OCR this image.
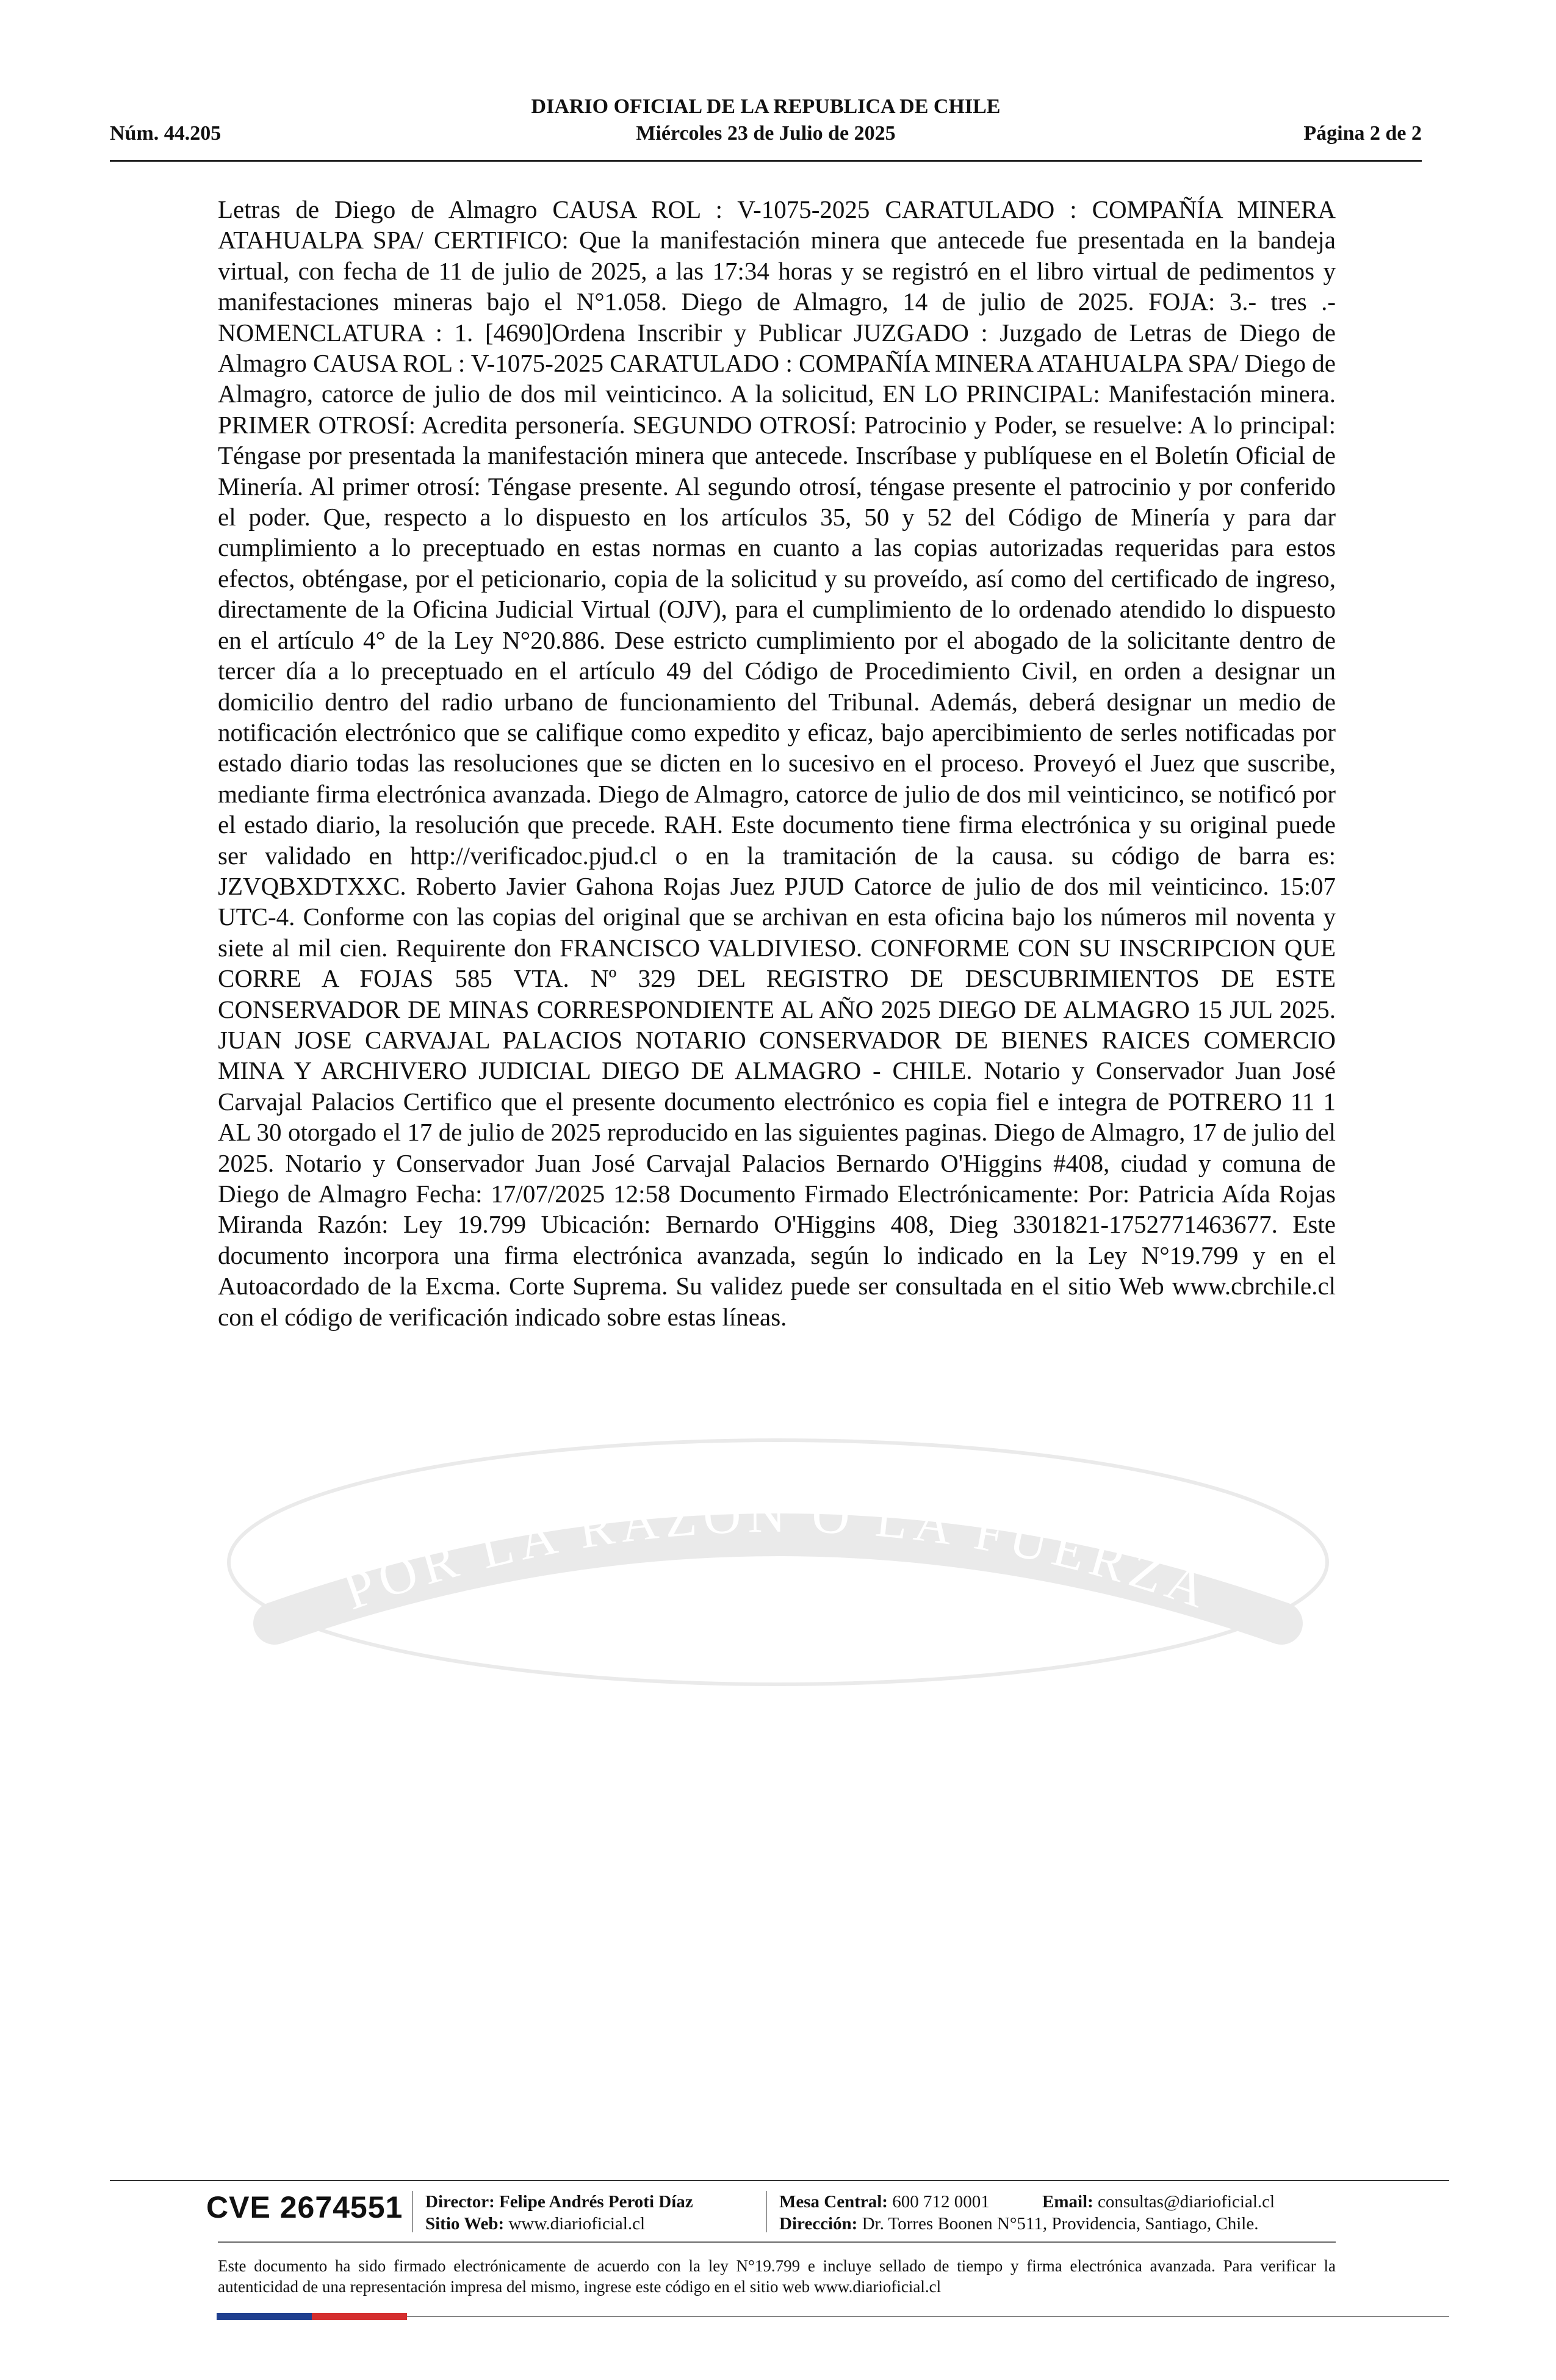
DIARIO OFICIAL DE LA REPUBLICA DE CHILE
Núm. 44.205	Miércoles 23 de Julio de 2025	Página 2 de 2
POR LA RAZON O LA FUERZA

Letras de Diego de Almagro CAUSA ROL : V-1075-2025 CARATULADO : COMPAÑÍA MINERA ATAHUALPA SPA/ CERTIFICO: Que la manifestación minera que antecede fue presentada en la bandeja virtual, con fecha de 11 de julio de 2025, a las 17:34 horas y se registró en el libro virtual de pedimentos y manifestaciones mineras bajo el N°1.058. Diego de Almagro, 14 de julio de 2025. FOJA: 3.- tres .- NOMENCLATURA : 1. [4690]Ordena Inscribir y Publicar JUZGADO : Juzgado de Letras de Diego de Almagro CAUSA ROL : V-1075-2025 CARATULADO : COMPAÑÍA MINERA ATAHUALPA SPA/ Diego de Almagro, catorce de julio de dos mil veinticinco. A la solicitud, EN LO PRINCIPAL: Manifestación minera. PRIMER OTROSÍ: Acredita personería. SEGUNDO OTROSÍ: Patrocinio y Poder, se resuelve: A lo principal: Téngase por presentada la manifestación minera que antecede. Inscríbase y publíquese en el Boletín Oficial de Minería. Al primer otrosí: Téngase presente. Al segundo otrosí, téngase presente el patrocinio y por conferido el poder. Que, respecto a lo dispuesto en los artículos 35, 50 y 52 del Código de Minería y para dar cumplimiento a lo preceptuado en estas normas en cuanto a las copias autorizadas requeridas para estos efectos, obténgase, por el peticionario, copia de la solicitud y su proveído, así como del certificado de ingreso, directamente de la Oficina Judicial Virtual (OJV), para el cumplimiento de lo ordenado atendido lo dispuesto en el artículo 4° de la Ley N°20.886. Dese estricto cumplimiento por el abogado de la solicitante dentro de tercer día a lo preceptuado en el artículo 49 del Código de Procedimiento Civil, en orden a designar un domicilio dentro del radio urbano de funcionamiento del Tribunal. Además, deberá designar un medio de notificación electrónico que se califique como expedito y eficaz, bajo apercibimiento de serles notificadas por estado diario todas las resoluciones que se dicten en lo sucesivo en el proceso. Proveyó el Juez que suscribe, mediante firma electrónica avanzada. Diego de Almagro, catorce de julio de dos mil veinticinco, se notificó por el estado diario, la resolución que precede. RAH. Este documento tiene firma electrónica y su original puede ser validado en http://verificadoc.pjud.cl o en la tramitación de la causa. su código de barra es: JZVQBXDTXXC. Roberto Javier Gahona Rojas Juez PJUD Catorce de julio de dos mil veinticinco. 15:07 UTC-4. Conforme con las copias del original que se archivan en esta oficina bajo los números mil noventa y siete al mil cien. Requirente don FRANCISCO VALDIVIESO. CONFORME CON SU INSCRIPCION QUE CORRE A FOJAS 585 VTA. Nº 329 DEL REGISTRO DE DESCUBRIMIENTOS DE ESTE CONSERVADOR DE MINAS CORRESPONDIENTE AL AÑO 2025 DIEGO DE ALMAGRO 15 JUL 2025. JUAN JOSE CARVAJAL PALACIOS NOTARIO CONSERVADOR DE BIENES RAICES COMERCIO MINA Y ARCHIVERO JUDICIAL DIEGO DE ALMAGRO - CHILE. Notario y Conservador Juan José Carvajal Palacios Certifico que el presente documento electrónico es copia fiel e integra de POTRERO 11 1 AL 30 otorgado el 17 de julio de 2025 reproducido en las siguientes paginas. Diego de Almagro, 17 de julio del 2025. Notario y Conservador Juan José Carvajal Palacios Bernardo O'Higgins #408, ciudad y comuna de Diego de Almagro Fecha: 17/07/2025 12:58 Documento Firmado Electrónicamente: Por: Patricia Aída Rojas Miranda Razón: Ley 19.799 Ubicación: Bernardo O'Higgins 408, Dieg 3301821-1752771463677. Este documento incorpora una firma electrónica avanzada, según lo indicado en la Ley N°19.799 y en el Autoacordado de la Excma. Corte Suprema. Su validez puede ser consultada en el sitio Web www.cbrchile.cl con el código de verificación indicado sobre estas líneas.

CVE 2674551 Director: Felipe Andrés Peroti Díaz
Sitio Web: www.diarioficial.cl
Mesa Central: 600 712 0001	Email: consultas@diarioficial.cl
Dirección: Dr. Torres Boonen N°511, Providencia, Santiago, Chile.
Este documento ha sido firmado electrónicamente de acuerdo con la ley N°19.799 e incluye sellado de tiempo y firma electrónica avanzada. Para verificar la autenticidad de una representación impresa del mismo, ingrese este código en el sitio web www.diarioficial.cl
